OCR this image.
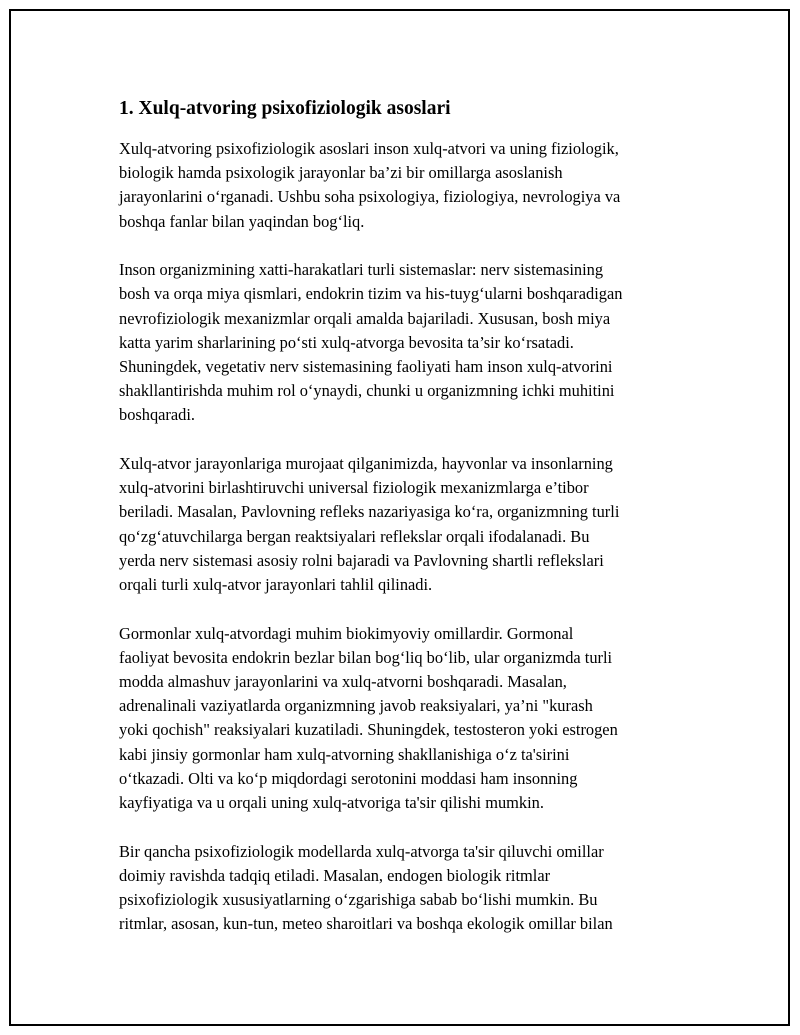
1. Xulq-atvoring psixofiziologik asoslari

Xulq-atvoring psixofiziologik asoslari inson xulq-atvori va uning fiziologik,
biologik hamda psixologik jarayonlar ba’zi bir omillarga asoslanish
jarayonlarini o‘rganadi. Ushbu soha psixologiya, fiziologiya, nevrologiya va
boshqa fanlar bilan yaqindan bog‘liq.

Inson organizmining xatti-harakatlari turli sistemaslar: nerv sistemasining
bosh va orqa miya qismlari, endokrin tizim va his-tuyg‘ularni boshqaradigan
nevrofiziologik mexanizmlar orqali amalda bajariladi. Xususan, bosh miya
katta yarim sharlarining po‘sti xulq-atvorga bevosita ta’sir ko‘rsatadi.
Shuningdek, vegetativ nerv sistemasining faoliyati ham inson xulq-atvorini
shakllantirishda muhim rol o‘ynaydi, chunki u organizmning ichki muhitini
boshqaradi.

Xulq-atvor jarayonlariga murojaat qilganimizda, hayvonlar va insonlarning
xulq-atvorini birlashtiruvchi universal fiziologik mexanizmlarga e’tibor
beriladi. Masalan, Pavlovning refleks nazariyasiga ko‘ra, organizmning turli
qo‘zg‘atuvchilarga bergan reaktsiyalari reflekslar orqali ifodalanadi. Bu
yerda nerv sistemasi asosiy rolni bajaradi va Pavlovning shartli reflekslari
orqali turli xulq-atvor jarayonlari tahlil qilinadi.

Gormonlar xulq-atvordagi muhim biokimyoviy omillardir. Gormonal
faoliyat bevosita endokrin bezlar bilan bog‘liq bo‘lib, ular organizmda turli
modda almashuv jarayonlarini va xulq-atvorni boshqaradi. Masalan,
adrenalinali vaziyatlarda organizmning javob reaksiyalari, ya’ni "kurash
yoki qochish" reaksiyalari kuzatiladi. Shuningdek, testosteron yoki estrogen
kabi jinsiy gormonlar ham xulq-atvorning shakllanishiga o‘z ta'sirini
o‘tkazadi. Olti va ko‘p miqdordagi serotonini moddasi ham insonning
kayfiyatiga va u orqali uning xulq-atvoriga ta'sir qilishi mumkin.

Bir qancha psixofiziologik modellarda xulq-atvorga ta'sir qiluvchi omillar
doimiy ravishda tadqiq etiladi. Masalan, endogen biologik ritmlar
psixofiziologik xususiyatlarning o‘zgarishiga sabab bo‘lishi mumkin. Bu
ritmlar, asosan, kun-tun, meteo sharoitlari va boshqa ekologik omillar bilan
